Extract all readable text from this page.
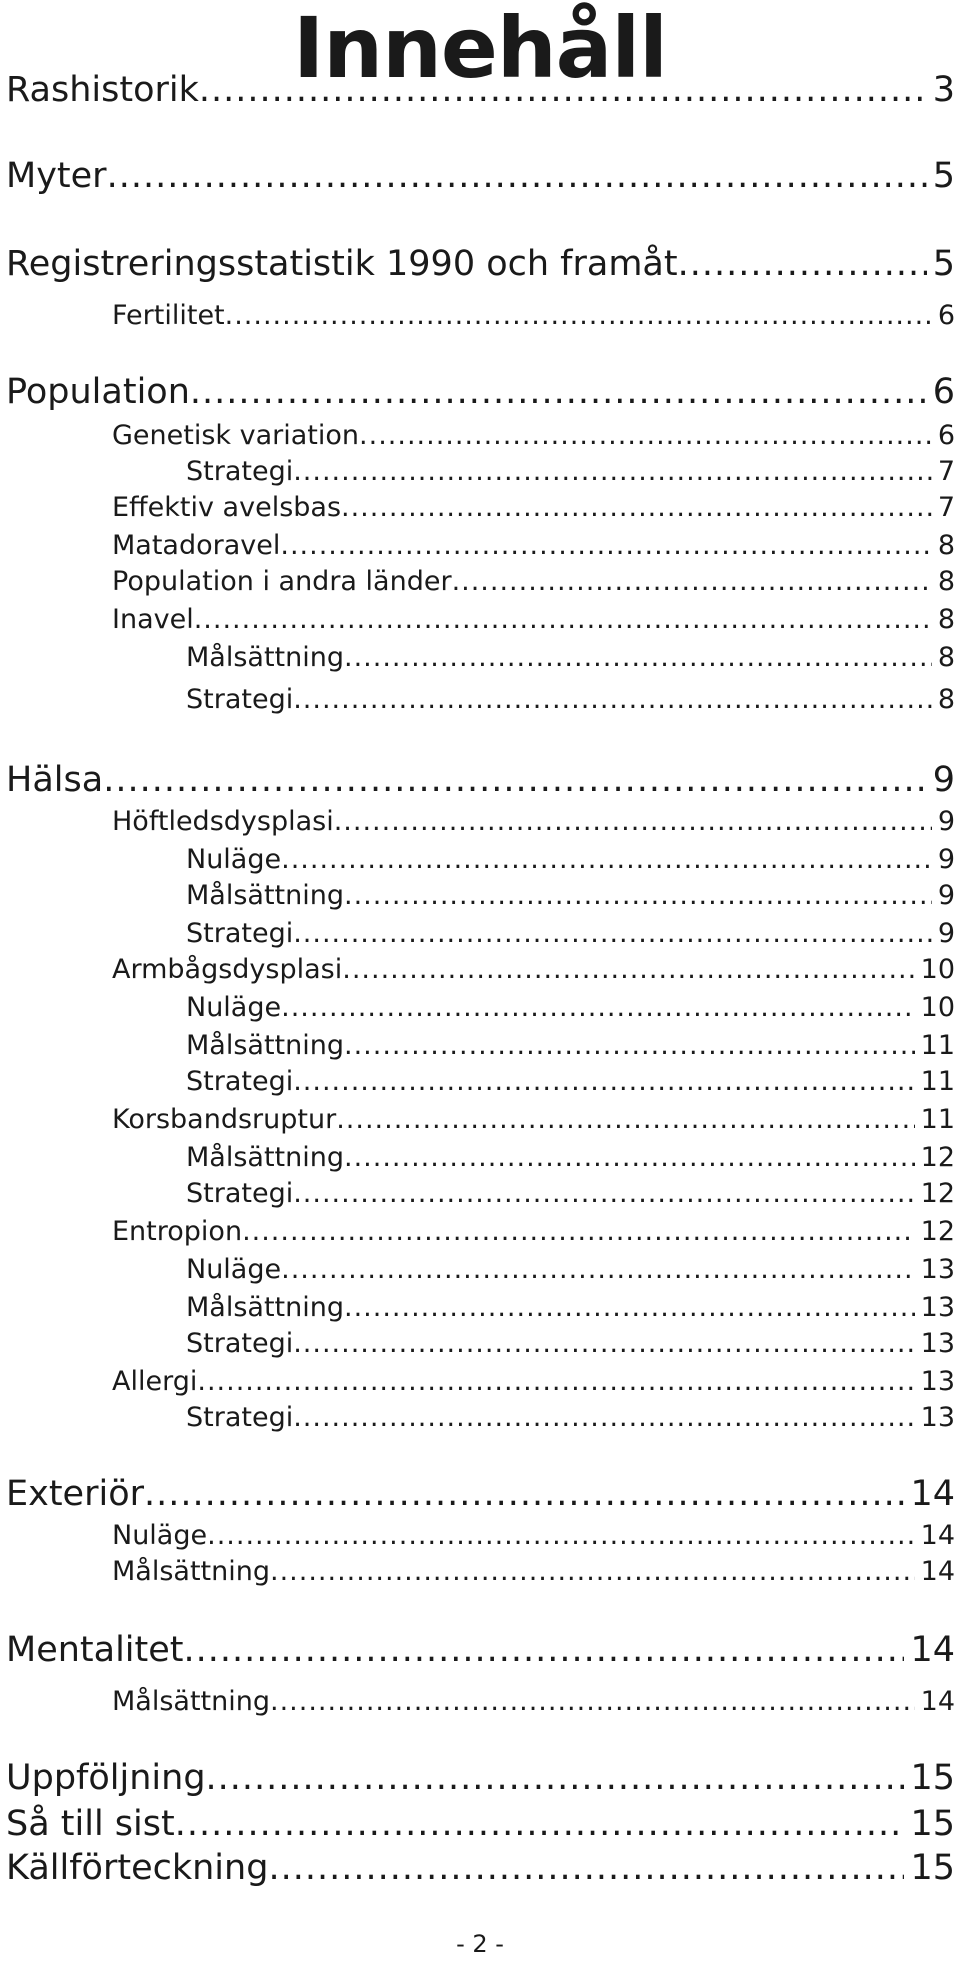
Innehåll
Rashistorik .....	3
Myter .....	5
Registreringsstatistik 1990 och framåt .....	5
Fertilitet .....	6
Population .....	6
Genetisk variation .....	6
Strategi .....	7
Effektiv avelsbas .....	7
Matadoravel .....	8
Population i andra länder .....	8
Inavel .....	8
Målsättning .....	8
Strategi .....	8
Hälsa .....	9
Höftledsdysplasi .....	9
Nuläge .....	9
Målsättning .....	9
Strategi .....	9
Armbågsdysplasi .....	10
Nuläge .....	10
Målsättning .....	11
Strategi .....	11
Korsbandsruptur .....	11
Målsättning .....	12
Strategi .....	12
Entropion .....	12
Nuläge .....	13
Målsättning .....	13
Strategi .....	13
Allergi .....	13
Strategi .....	13
Exteriör .....	14
Nuläge .....	14
Målsättning .....	14
Mentalitet .....	14
Målsättning .....	14
Uppföljning .....	15
Så till sist .....	15
Källförteckning .....	15
- 2 -
